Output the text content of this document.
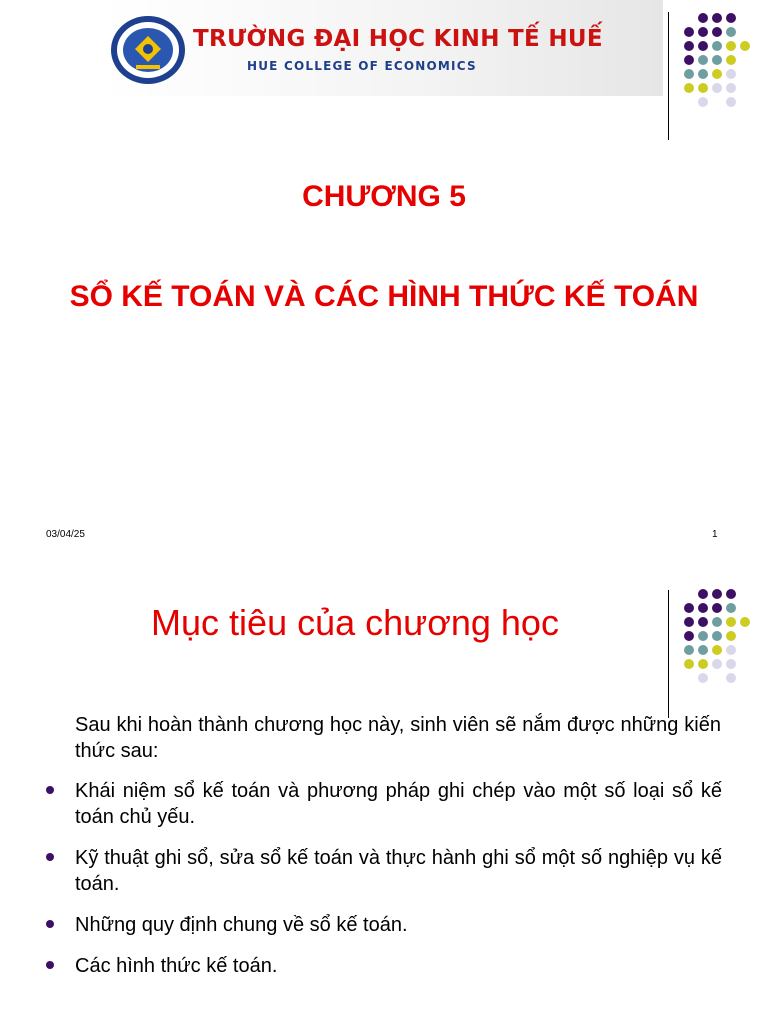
TRƯỜNG ĐẠI HỌC KINH TẾ HUẾ
HUE COLLEGE OF ECONOMICS
CHƯƠNG 5
SỔ KẾ TOÁN VÀ CÁC HÌNH THỨC KẾ TOÁN
03/04/25	1
Mục tiêu của chương học
Sau khi hoàn thành chương học này, sinh viên sẽ nắm được những kiến thức sau:
Khái niệm sổ kế toán và phương pháp ghi chép vào một số loại sổ kế toán chủ yếu.
Kỹ thuật ghi sổ, sửa sổ kế toán và thực hành ghi sổ một số nghiệp vụ kế toán.
Những quy định chung về sổ kế toán.
Các hình thức kế toán.
